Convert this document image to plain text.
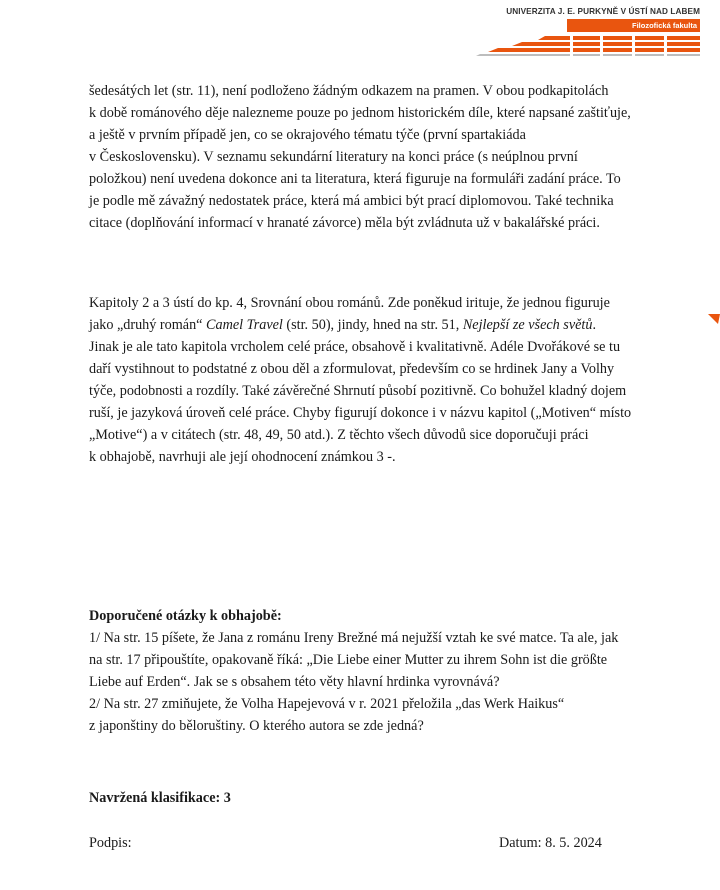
UNIVERZITA J. E. PURKYNĚ V ÚSTÍ NAD LABEM
Filozofická fakulta
šedesátých let (str. 11), není podloženo žádným odkazem na pramen. V obou podkapitolách
k době románového děje nalezneme pouze po jednom historickém díle, které napsané zaštiťuje,
a ještě v prvním případě jen, co se okrajového tématu týče (první spartakiáda
v Československu). V seznamu sekundární literatury na konci práce (s neúplnou první
položkou) není uvedena dokonce ani ta literatura, která figuruje na formuláři zadání práce. To
je podle mě závažný nedostatek práce, která má ambici být prací diplomovou. Také technika
citace (doplňování informací v hranaté závorce) měla být zvládnuta už v bakalářské práci.
Kapitoly 2 a 3 ústí do kp. 4, Srovnání obou románů. Zde poněkud irituje, že jednou figuruje
jako „druhý román“ Camel Travel (str. 50), jindy, hned na str. 51, Nejlepší ze všech světů.
Jinak je ale tato kapitola vrcholem celé práce, obsahově i kvalitativně. Adéle Dvořákové se tu
daří vystihnout to podstatné z obou děl a zformulovat, především co se hrdinek Jany a Volhy
týče, podobnosti a rozdíly. Také závěrečné Shrnutí působí pozitivně. Co bohužel kladný dojem
ruší, je jazyková úroveň celé práce. Chyby figurují dokonce i v názvu kapitol („Motiven“ místo
„Motive“) a v citátech (str. 48, 49, 50 atd.). Z těchto všech důvodů sice doporučuji práci
k obhajobě, navrhuji ale její ohodnocení známkou 3 -.
Doporučené otázky k obhajobě:
1/ Na str. 15 píšete, že Jana z románu Ireny Brežné má nejužší vztah ke své matce. Ta ale, jak
na str. 17 připouštíte, opakovaně říká: „Die Liebe einer Mutter zu ihrem Sohn ist die größte
Liebe auf Erden“. Jak se s obsahem této věty hlavní hrdinka vyrovnává?
2/ Na str. 27 zmiňujete, že Volha Hapejevová v r. 2021 přeložila „das Werk Haikus“
z japonštiny do běloruštiny. O kterého autora se zde jedná?
Navržená klasifikace: 3
Podpis:	Datum: 8. 5. 2024
